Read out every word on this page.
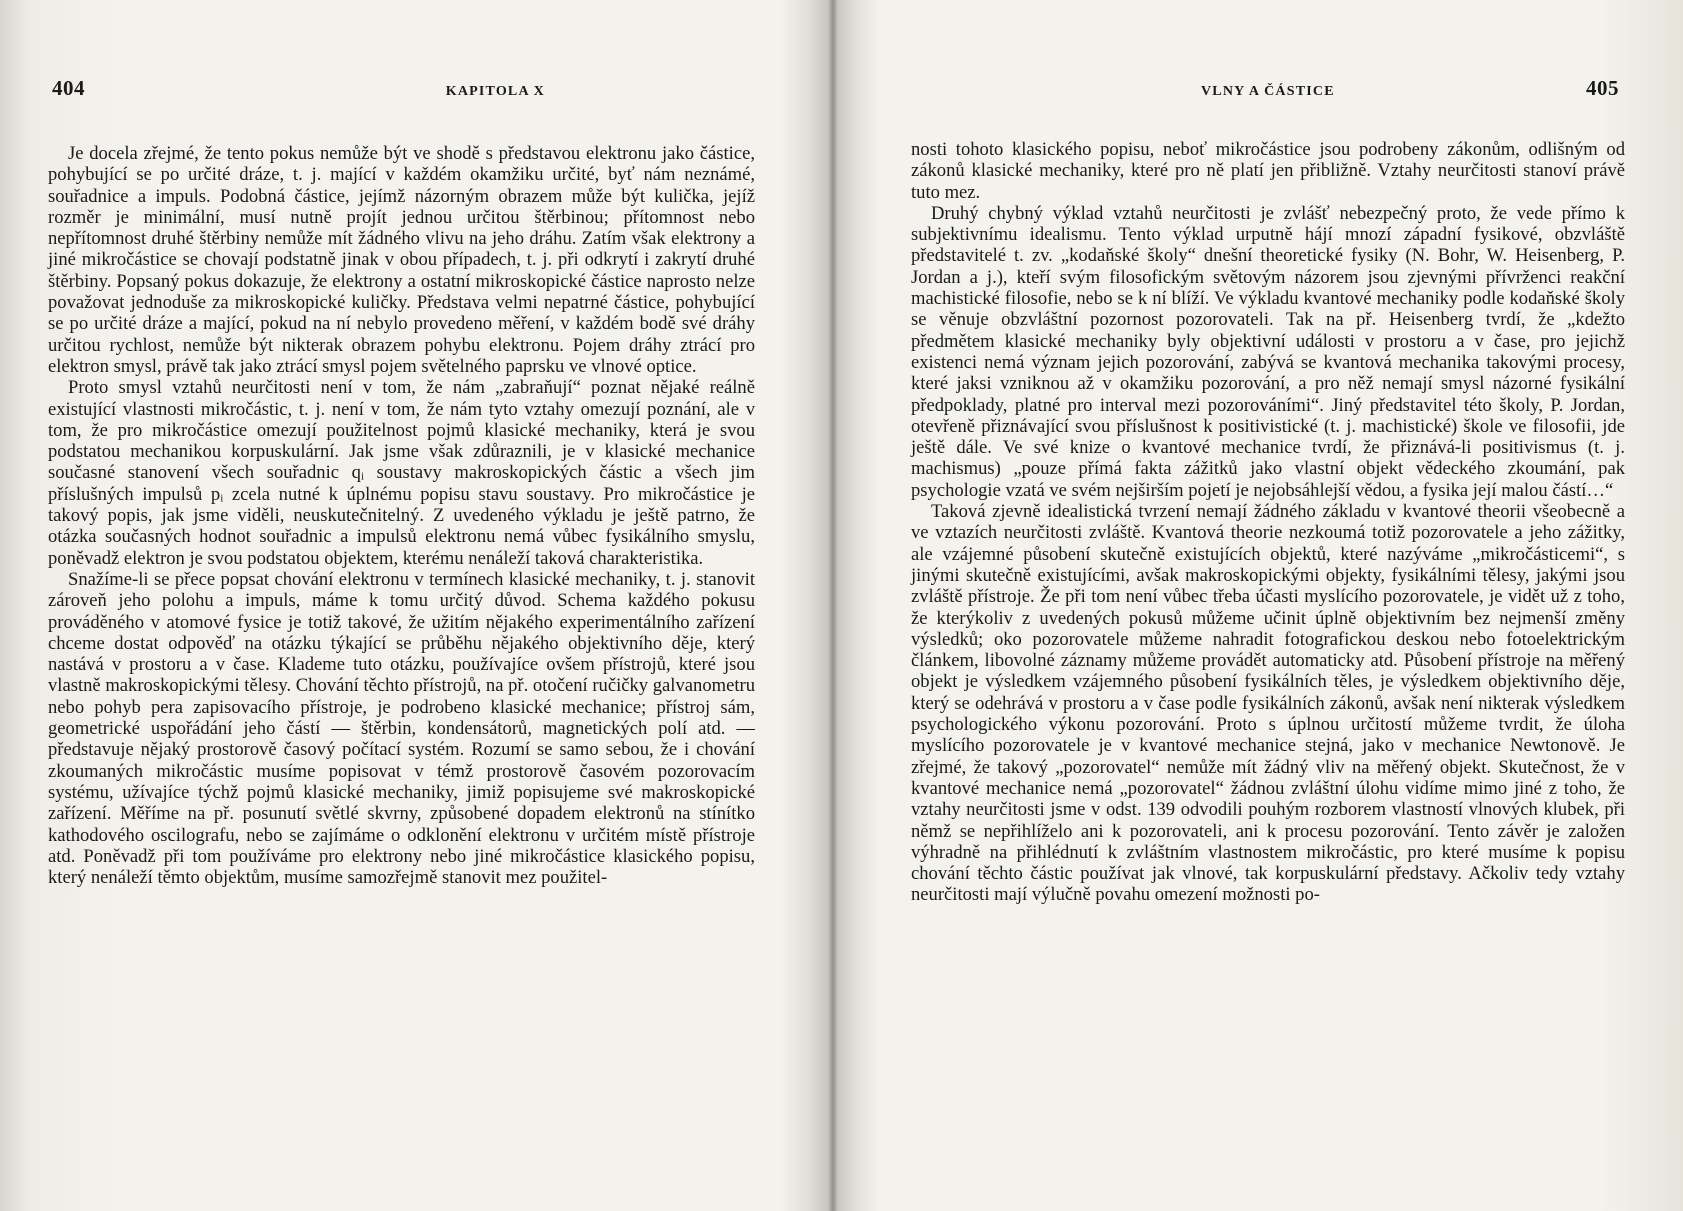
404	KAPITOLA X

Je docela zřejmé, že tento pokus nemůže být ve shodě s představou elektronu jako částice, pohybující se po určité dráze, t. j. mající v každém okamžiku určité, byť nám neznámé, souřadnice a impuls. Podobná částice, jejímž názorným obrazem může být kulička, jejíž rozměr je minimální, musí nutně projít jednou určitou štěrbinou; přítomnost nebo nepřítomnost druhé štěrbiny nemůže mít žádného vlivu na jeho dráhu. Zatím však elektrony a jiné mikročástice se chovají podstatně jinak v obou případech, t. j. při odkrytí i zakrytí druhé štěrbiny. Popsaný pokus dokazuje, že elektrony a ostatní mikroskopické částice naprosto nelze považovat jednoduše za mikroskopické kuličky. Představa velmi nepatrné částice, pohybující se po určité dráze a mající, pokud na ní nebylo provedeno měření, v každém bodě své dráhy určitou rychlost, nemůže být nikterak obrazem pohybu elektronu. Pojem dráhy ztrácí pro elektron smysl, právě tak jako ztrácí smysl pojem světelného paprsku ve vlnové optice.

Proto smysl vztahů neurčitosti není v tom, že nám „zabraňují“ poznat nějaké reálně existující vlastnosti mikročástic, t. j. není v tom, že nám tyto vztahy omezují poznání, ale v tom, že pro mikročástice omezují použitelnost pojmů klasické mechaniky, která je svou podstatou mechanikou korpuskulární. Jak jsme však zdůraznili, je v klasické mechanice současné stanovení všech souřadnic qᵢ soustavy makroskopických částic a všech jim příslušných impulsů pᵢ zcela nutné k úplnému popisu stavu soustavy. Pro mikročástice je takový popis, jak jsme viděli, neuskutečnitelný. Z uvedeného výkladu je ještě patrno, že otázka současných hodnot souřadnic a impulsů elektronu nemá vůbec fysikálního smyslu, poněvadž elektron je svou podstatou objektem, kterému nenáleží taková charakteristika.

Snažíme-li se přece popsat chování elektronu v termínech klasické mechaniky, t. j. stanovit zároveň jeho polohu a impuls, máme k tomu určitý důvod. Schema každého pokusu prováděného v atomové fysice je totiž takové, že užitím nějakého experimentálního zařízení chceme dostat odpověď na otázku týkající se průběhu nějakého objektivního děje, který nastává v prostoru a v čase. Klademe tuto otázku, používajíce ovšem přístrojů, které jsou vlastně makroskopickými tělesy. Chování těchto přístrojů, na př. otočení ručičky galvanometru nebo pohyb pera zapisovacího přístroje, je podrobeno klasické mechanice; přístroj sám, geometrické uspořádání jeho částí — štěrbin, kondensátorů, magnetických polí atd. — představuje nějaký prostorově časový počítací systém. Rozumí se samo sebou, že i chování zkoumaných mikročástic musíme popisovat v témž prostorově časovém pozorovacím systému, užívajíce týchž pojmů klasické mechaniky, jimiž popisujeme své makroskopické zařízení. Měříme na př. posunutí světlé skvrny, způsobené dopadem elektronů na stínítko kathodového oscilografu, nebo se zajímáme o odklonění elektronu v určitém místě přístroje atd. Poněvadž při tom používáme pro elektrony nebo jiné mikročástice klasického popisu, který nenáleží těmto objektům, musíme samozřejmě stanovit mez použitel-

VLNY A ČÁSTICE	405

nosti tohoto klasického popisu, neboť mikročástice jsou podrobeny zákonům, odlišným od zákonů klasické mechaniky, které pro ně platí jen přibližně. Vztahy neurčitosti stanoví právě tuto mez.

Druhý chybný výklad vztahů neurčitosti je zvlášť nebezpečný proto, že vede přímo k subjektivnímu idealismu. Tento výklad urputně hájí mnozí západní fysikové, obzvláště představitelé t. zv. „kodaňské školy“ dnešní theoretické fysiky (N. Bohr, W. Heisenberg, P. Jordan a j.), kteří svým filosofickým světovým názorem jsou zjevnými přívrženci reakční machistické filosofie, nebo se k ní blíží. Ve výkladu kvantové mechaniky podle kodaňské školy se věnuje obzvláštní pozornost pozorovateli. Tak na př. Heisenberg tvrdí, že „kdežto předmětem klasické mechaniky byly objektivní události v prostoru a v čase, pro jejichž existenci nemá význam jejich pozorování, zabývá se kvantová mechanika takovými procesy, které jaksi vzniknou až v okamžiku pozorování, a pro něž nemají smysl názorné fysikální předpoklady, platné pro interval mezi pozorováními“. Jiný představitel této školy, P. Jordan, otevřeně přiznávající svou příslušnost k positivistické (t. j. machistické) škole ve filosofii, jde ještě dále. Ve své knize o kvantové mechanice tvrdí, že přiznává-li positivismus (t. j. machismus) „pouze přímá fakta zážitků jako vlastní objekt vědeckého zkoumání, pak psychologie vzatá ve svém nejširším pojetí je nejobsáhlejší vědou, a fysika její malou částí…“

Taková zjevně idealistická tvrzení nemají žádného základu v kvantové theorii všeobecně a ve vztazích neurčitosti zvláště. Kvantová theorie nezkoumá totiž pozorovatele a jeho zážitky, ale vzájemné působení skutečně existujících objektů, které nazýváme „mikročásticemi“, s jinými skutečně existujícími, avšak makroskopickými objekty, fysikálními tělesy, jakými jsou zvláště přístroje. Že při tom není vůbec třeba účasti myslícího pozorovatele, je vidět už z toho, že kterýkoliv z uvedených pokusů můžeme učinit úplně objektivním bez nejmenší změny výsledků; oko pozorovatele můžeme nahradit fotografickou deskou nebo fotoelektrickým článkem, libovolné záznamy můžeme provádět automaticky atd. Působení přístroje na měřený objekt je výsledkem vzájemného působení fysikálních těles, je výsledkem objektivního děje, který se odehrává v prostoru a v čase podle fysikálních zákonů, avšak není nikterak výsledkem psychologického výkonu pozorování. Proto s úplnou určitostí můžeme tvrdit, že úloha myslícího pozorovatele je v kvantové mechanice stejná, jako v mechanice Newtonově. Je zřejmé, že takový „pozorovatel“ nemůže mít žádný vliv na měřený objekt. Skutečnost, že v kvantové mechanice nemá „pozorovatel“ žádnou zvláštní úlohu vidíme mimo jiné z toho, že vztahy neurčitosti jsme v odst. 139 odvodili pouhým rozborem vlastností vlnových klubek, při němž se nepřihlíželo ani k pozorovateli, ani k procesu pozorování. Tento závěr je založen výhradně na přihlédnutí k zvláštním vlastnostem mikročástic, pro které musíme k popisu chování těchto částic používat jak vlnové, tak korpuskulární představy. Ačkoliv tedy vztahy neurčitosti mají výlučně povahu omezení možnosti po-
